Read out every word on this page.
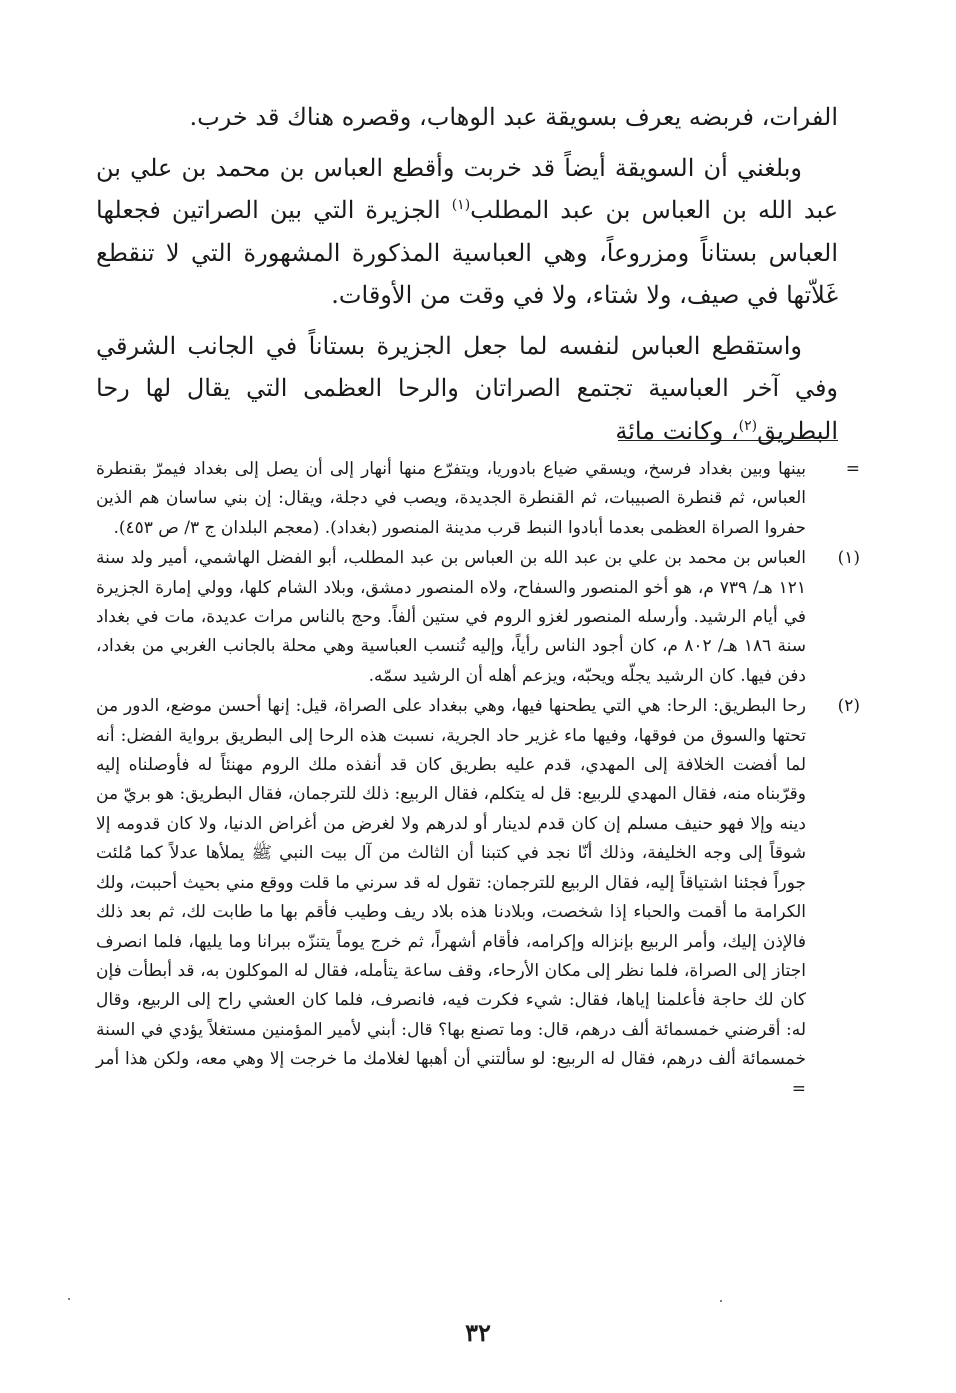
الفرات، فربضه يعرف بسويقة عبد الوهاب، وقصره هناك قد خرب.

وبلغني أن السويقة أيضاً قد خربت وأقطع العباس بن محمد بن علي بن عبد الله بن العباس بن عبد المطلب$^{(١)}$ الجزيرة التي بين الصراتين فجعلها العباس بستاناً ومزروعاً، وهي العباسية المذكورة المشهورة التي لا تنقطع غَلاّتها في صيف، ولا شتاء، ولا في وقت من الأوقات.

واستقطع العباس لنفسه لما جعل الجزيرة بستاناً في الجانب الشرقي وفي آخر العباسية تجتمع الصراتان والرحا العظمى التي يقال لها رحا البطريق$^{(٢)}$، وكانت مائة

=
بينها وبين بغداد فرسخ، ويسقي ضياع بادوريا، ويتفرّع منها أنهار إلى أن يصل إلى بغداد فيمرّ بقنطرة العباس، ثم قنطرة الصبيبات، ثم القنطرة الجديدة، ويصب في دجلة، ويقال: إن بني ساسان هم الذين حفروا الصراة العظمى بعدما أبادوا النبط قرب مدينة المنصور (بغداد). (معجم البلدان ج ٣/ ص ٤٥٣).
(١)
العباس بن محمد بن علي بن عبد الله بن العباس بن عبد المطلب، أبو الفضل الهاشمي، أمير ولد سنة ١٢١ هـ/ ٧٣٩ م، هو أخو المنصور والسفاح، ولاه المنصور دمشق، وبلاد الشام كلها، وولي إمارة الجزيرة في أيام الرشيد. وأرسله المنصور لغزو الروم في ستين ألفاً. وحج بالناس مرات عديدة، مات في بغداد سنة ١٨٦ هـ/ ٨٠٢ م، كان أجود الناس رأياً، وإليه تُنسب العباسية وهي محلة بالجانب الغربي من بغداد، دفن فيها. كان الرشيد يجلّه ويحبّه، ويزعم أهله أن الرشيد سمّه.
(٢)
رحا البطريق: الرحا: هي التي يطحنها فيها، وهي ببغداد على الصراة، قيل: إنها أحسن موضع، الدور من تحتها والسوق من فوقها، وفيها ماء غزير حاد الجرية، نسبت هذه الرحا إلى البطريق برواية الفضل: أنه لما أفضت الخلافة إلى المهدي، قدم عليه بطريق كان قد أنفذه ملك الروم مهنئاً له فأوصلناه إليه وقرّبناه منه، فقال المهدي للربيع: قل له يتكلم، فقال الربيع: ذلك للترجمان، فقال البطريق: هو بريّ من دينه وإلا فهو حنيف مسلم إن كان قدم لدينار أو لدرهم ولا لغرض من أغراض الدنيا، ولا كان قدومه إلا شوقاً إلى وجه الخليفة، وذلك أنّا نجد في كتبنا أن الثالث من آل بيت النبي ﷺ يملأها عدلاً كما مُلئت جوراً فجئنا اشتياقاً إليه، فقال الربيع للترجمان: تقول له قد سرني ما قلت ووقع مني بحيث أحببت، ولك الكرامة ما أقمت والحباء إذا شخصت، وبلادنا هذه بلاد ريف وطيب فأقم بها ما طابت لك، ثم بعد ذلك فالإذن إليك، وأمر الربيع بإنزاله وإكرامه، فأقام أشهراً، ثم خرج يوماً يتنزّه ببرانا وما يليها، فلما انصرف اجتاز إلى الصراة، فلما نظر إلى مكان الأرحاء، وقف ساعة يتأمله، فقال له الموكلون به، قد أبطأت فإن كان لك حاجة فأعلمنا إياها، فقال: شيء فكرت فيه، فانصرف، فلما كان العشي راح إلى الربيع، وقال له: أقرضني خمسمائة ألف درهم، قال: وما تصنع بها؟ قال: أبني لأمير المؤمنين مستغلاً يؤدي في السنة خمسمائة ألف درهم، فقال له الربيع: لو سألتني أن أهبها لغلامك ما خرجت إلا وهي معه، ولكن هذا أمر =
٣٢
